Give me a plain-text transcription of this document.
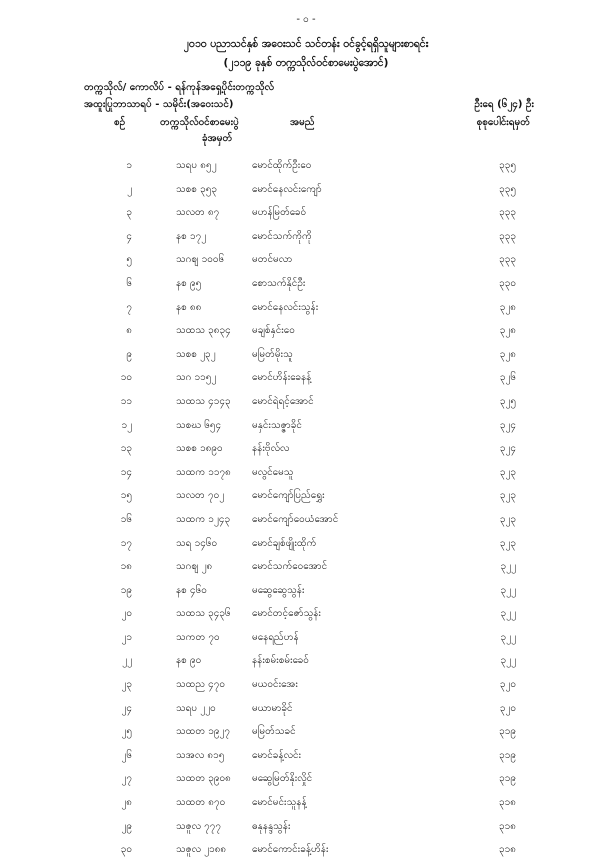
- ၀ -
၂၀၁၀ ပညာသင်နှစ် အဝေးသင် သင်တန်း ဝင်ခွင့်ရရှိသူများစာရင်း
(၂၁၁၉ ခုနှစ် တက္ကသိုလ်ဝင်စာမေးပွဲအောင်)
တက္ကသိုလ်/ ကောလိပ် - ရန်ကုန်အရှေ့ပိုင်းတက္ကသိုလ်
အထူးပြုဘာသာရပ် - သမိုင်း(အဝေးသင်)	ဦးရေ (၆၂၄) ဦး
စဉ်	တက္ကသိုလ်ဝင်စာမေးပွဲ
ခုံအမှတ်
အမည်	စုစုပေါင်းရမှတ်
၁	သရပ ၈၅၂	မောင်ထိုက်ဦးဝေ	၃၃၅
၂	သစစ ၃၅၃	မောင်နေလင်းကျော်	၃၃၅
၃	သလတ ၈၇	မဟန်မြတ်ခေဝ်	၃၃၃
၄	နစ ၁၇၂	မောင်သက်ကိုကို	၃၃၃
၅	သဂဈ ၁၀၀၆	မတင်မလာ	၃၃၃
၆	နစ ၉၅	စောသက်နိုင်ဦး	၃၃၀
၇	နစ ၈၈	မောင်နေလင်းသွန်း	၃၂၈
၈	သထသ ၃၈၃၄ မချစ်နှင်းဝေ	၃၂၈
၉	သစစ ၂၃၂	မမြတ်မိုးသူ	၃၂၈
၁၀	သဂ ၁၁၅၂	မောင်ဟိန်းခေနန့်	၃၂၆
၁၁	သထသ ၄၁၄၃ မောင်ရဲရင့်အောင်	၃၂၅
၁၂	သစဃ ၆၅၄	မနှင်းသဇ္ဇာခိုင်	၃၂၄
၁၃	သစစ ၁၈၉၀	နန်းဗိုလ်လ	၃၂၄
၁၄	သထက ၁၁၇၈ မလွင်မေသူ	၃၂၃
၁၅	သလတ ၇၀၂	မောင်ကျော်ပြည်ရွှေး	၃၂၃
၁၆	သထက ၁၂၄၃ မောင်ကျော်ဝေယံအောင်	၃၂၃
၁၇	သရ ၁၄၆၀	မောင်ချစ်ဖျိုးထိုက်	၃၂၃
၁၈	သဂဈ ၂၈	မောင်သက်ဝေအောင်	၃၂၂
၁၉	နစ ၄၆၀	မဆွေဆွေသွန်း	၃၂၂
၂၀	သထသ ၃၄၃၆ မောင်တင့်ဇော်သွန်း	၃၂၂
၂၁	သကတ ၇၀	မနေရည်ဟန်	၃၂၂
၂၂	နစ ၉၀	နန်းစမ်းစမ်းခေဝ်	၃၂၂
၂၃	သထည ၄၇၀	မယဝင်းအေး	၃၂၀
၂၄	သရပ ၂၂၀	မယာမာခိုင်	၃၂၀
၂၅	သထတ ၁၉၂၇ မမြတ်သခင်	၃၁၉
၂၆	သအလ ၈၁၅	မောင်ခန့်လင်း	၃၁၉
၂၇	သထတ ၃၉၀၈ မဆွေမြတ်နိုးလှိုင်	၃၁၉
၂၈	သထတ ၈၇၀	မောင်မင်းသူနန့်	၃၁၈
၂၉	သဇူလ ၇၇၇	ဓနုနန္ဒသွန်း	၃၁၈
၃၀	သဇူလ ၂၁၈၈	မောင်ကောင်းခန့်ဟိန်း	၃၁၈
